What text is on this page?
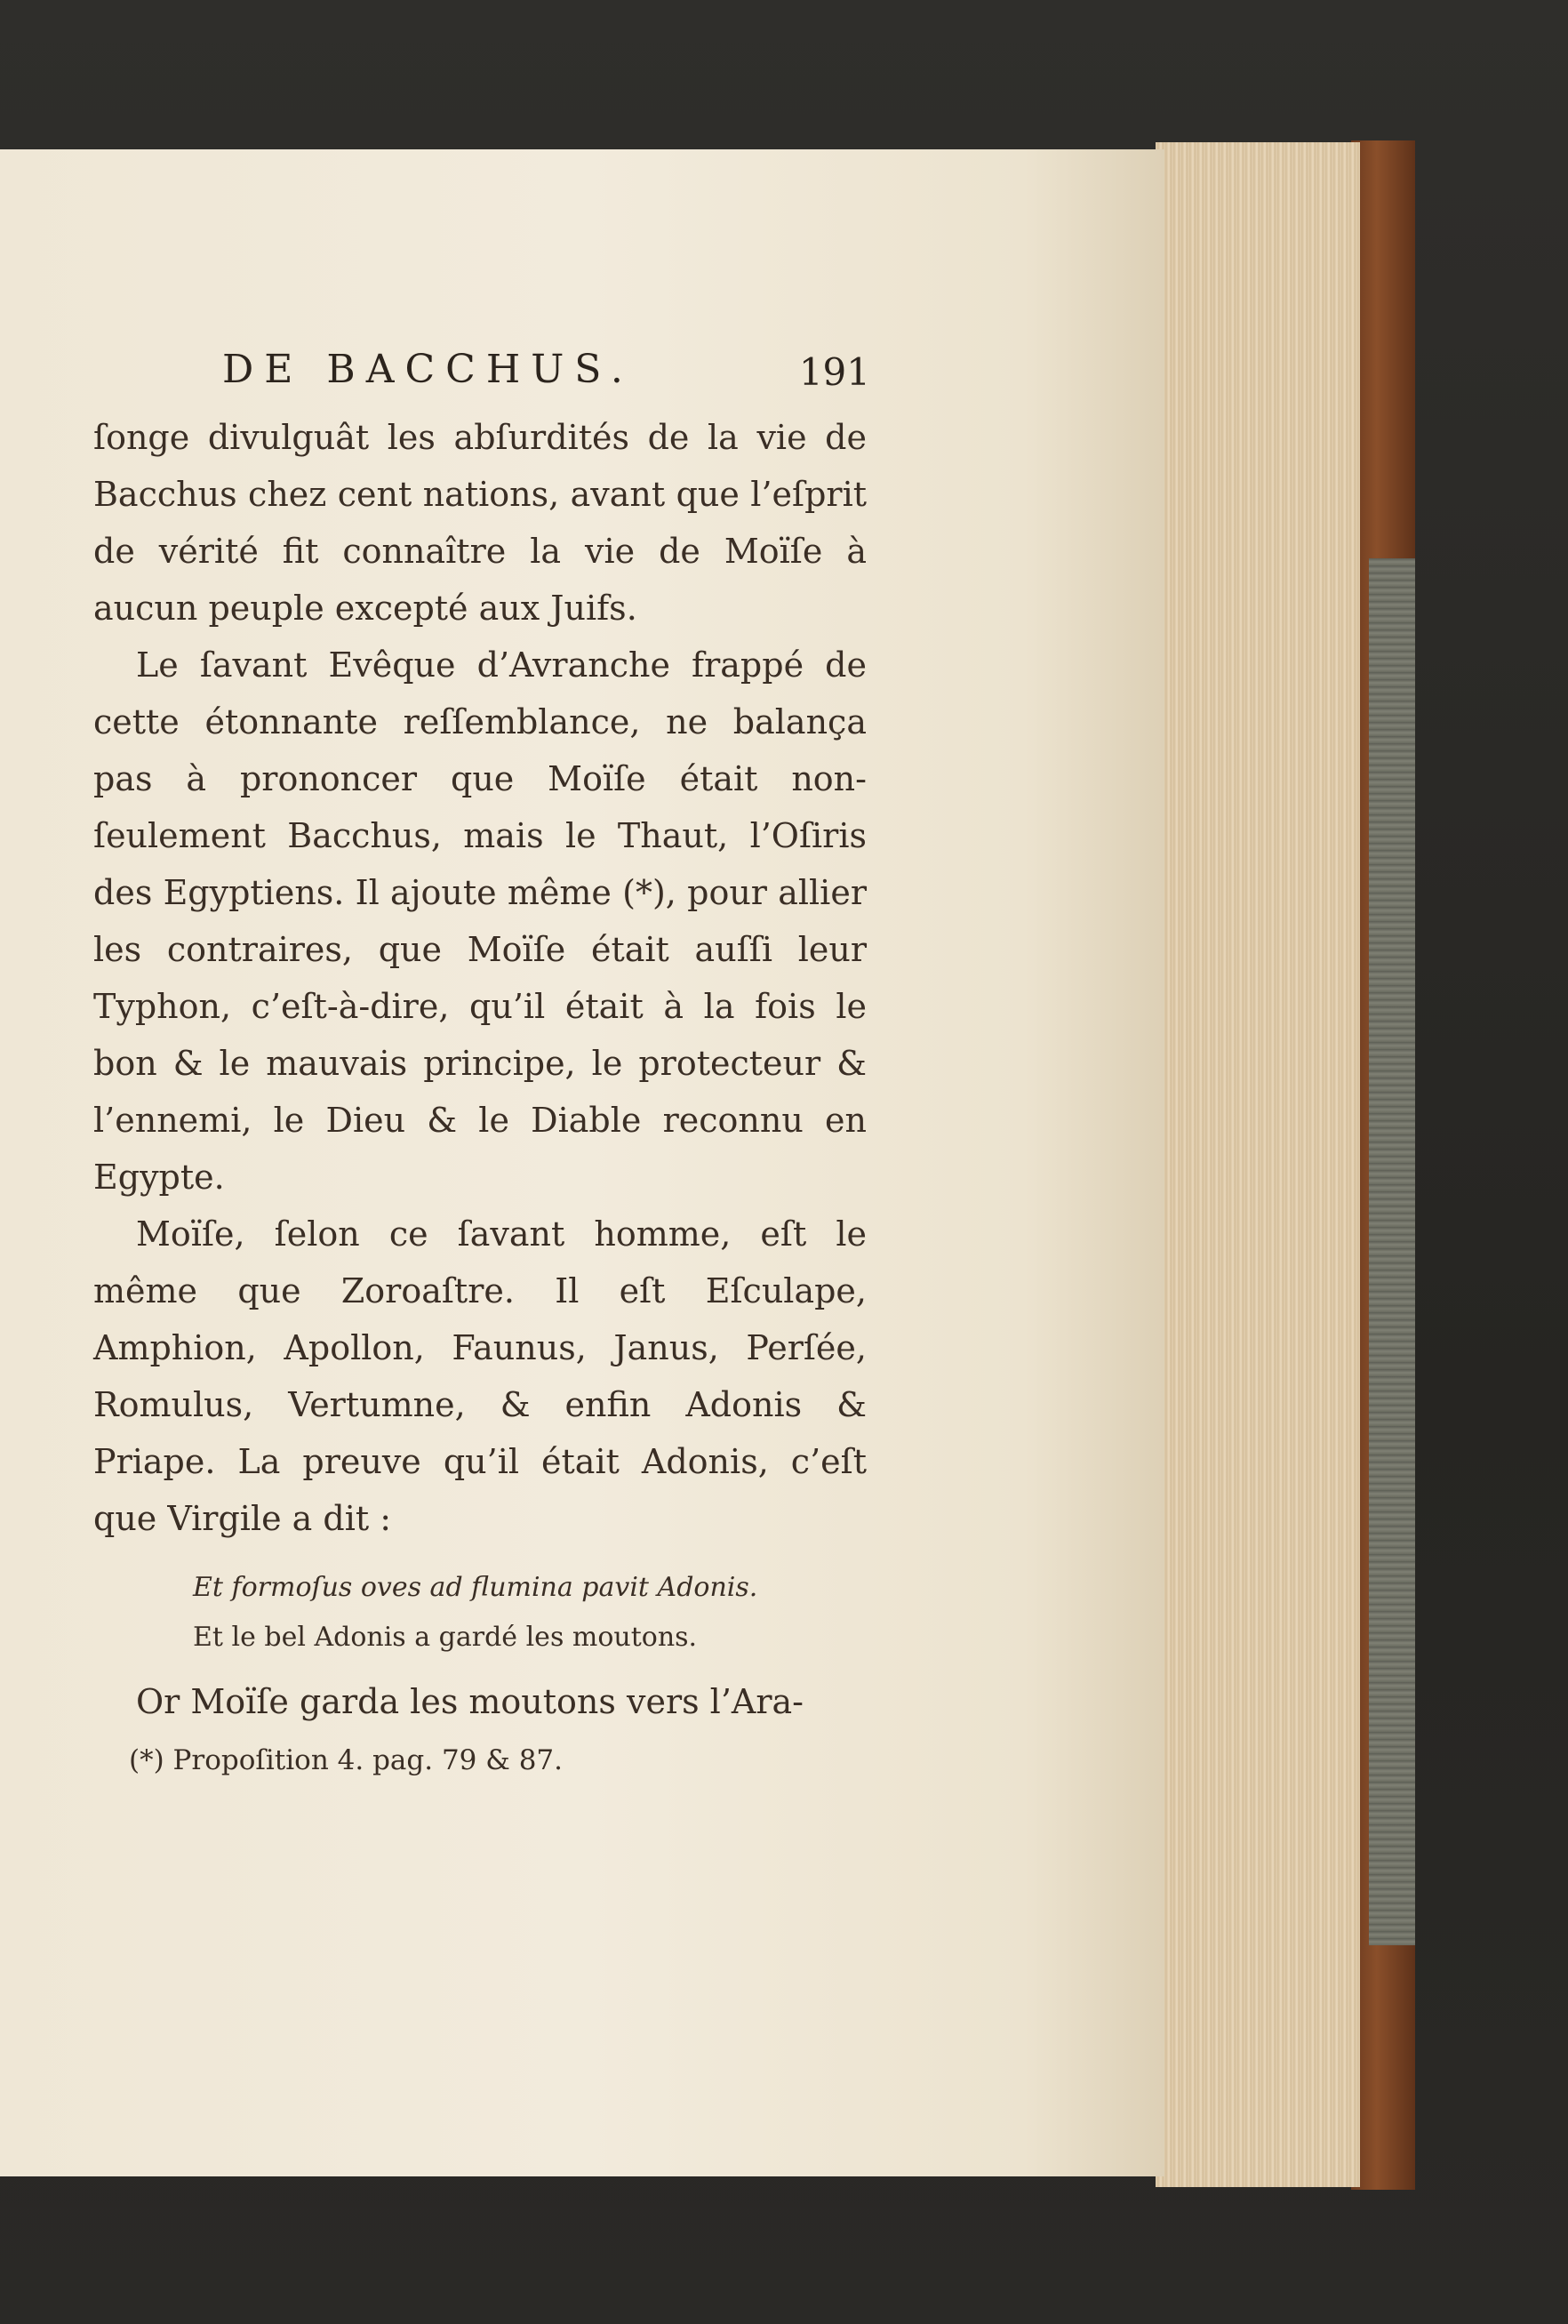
DE BACCHUS.	191

ſonge divulguât les abſurdités de la vie de Bacchus chez cent nations, avant que l’eſprit de vérité fit connaître la vie de Moïſe à aucun peuple excepté aux Juifs.

Le ſavant Evêque d’Avranche frappé de cette étonnante reſſemblance, ne balança pas à prononcer que Moïſe était non-ſeulement Bacchus, mais le Thaut, l’Oſiris des Egyptiens. Il ajoute même (*), pour allier les contraires, que Moïſe était auſſi leur Typhon, c’eſt-à-dire, qu’il était à la fois le bon & le mauvais principe, le protecteur & l’ennemi, le Dieu & le Diable reconnu en Egypte.

Moïſe, ſelon ce ſavant homme, eſt le même que Zoroaſtre. Il eſt Eſculape, Amphion, Apollon, Faunus, Janus, Perſée, Romulus, Vertumne, & enfin Adonis & Priape. La preuve qu’il était Adonis, c’eſt que Virgile a dit :

Et formoſus oves ad flumina pavit Adonis.
Et le bel Adonis a gardé les moutons.

Or Moïſe garda les moutons vers l’Ara-

(*) Propoſition 4. pag. 79 & 87.
